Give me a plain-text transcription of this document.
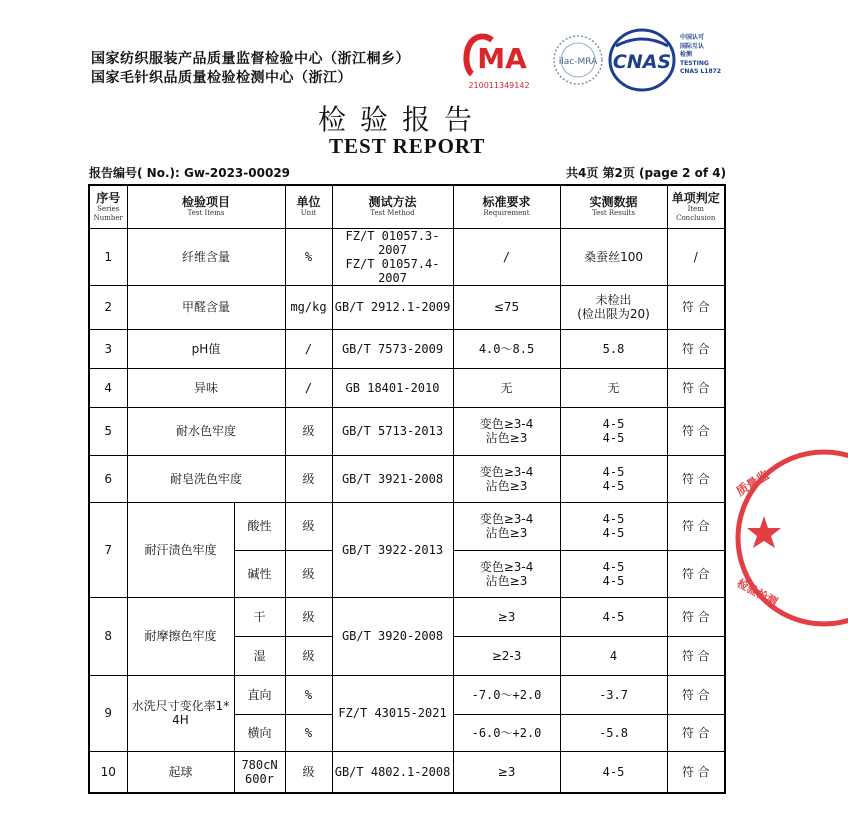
国家纺织服装产品质量监督检验中心（浙江桐乡）
国家毛针织品质量检验检测中心（浙江）
MA
210011349142
ilac-MRA CNAS
中国认可
国际互认
检测
TESTING
CNAS L1872
检验报告
TEST REPORT
报告编号( No.): Gw-2023-00029	共4页 第2页 (page 2 of 4)
质量监
检验检测
序号
Series Number	检验项目
Test Items		单位
Unit	测试方法
Test Method	标准要求
Requirement	实测数据
Test Results	单项判定
Item Conclusion

1	纤维含量		%	FZ/T 01057.3-2007
FZ/T 01057.4-2007	/	桑蚕丝100	/
2	甲醛含量		mg/kg	GB/T 2912.1-2009	≤75	未检出
(检出限为20)	符 合
3	pH值		/	GB/T 7573-2009	4.0～8.5	5.8	符 合
4	异味		/	GB 18401-2010	无	无	符 合
5	耐水色牢度		级	GB/T 5713-2013	变色≥3-4
沾色≥3	4-5
4-5	符 合
6	耐皂洗色牢度		级	GB/T 3921-2008	变色≥3-4
沾色≥3	4-5
4-5	符 合
7	耐汗渍色牢度	酸性	级	GB/T 3922-2013	变色≥3-4
沾色≥3	4-5
4-5	符 合
		碱性	级		变色≥3-4
沾色≥3	4-5
4-5	符 合
8	耐摩擦色牢度	干	级	GB/T 3920-2008	≥3	4-5	符 合
		湿	级		≥2-3	4	符 合
9	水洗尺寸变化率1*
4H	直向	%	FZ/T 43015-2021	-7.0～+2.0	-3.7	符 合
		横向	%		-6.0～+2.0	-5.8	符 合
10	起球	780cN
600r	级	GB/T 4802.1-2008	≥3	4-5	符 合
